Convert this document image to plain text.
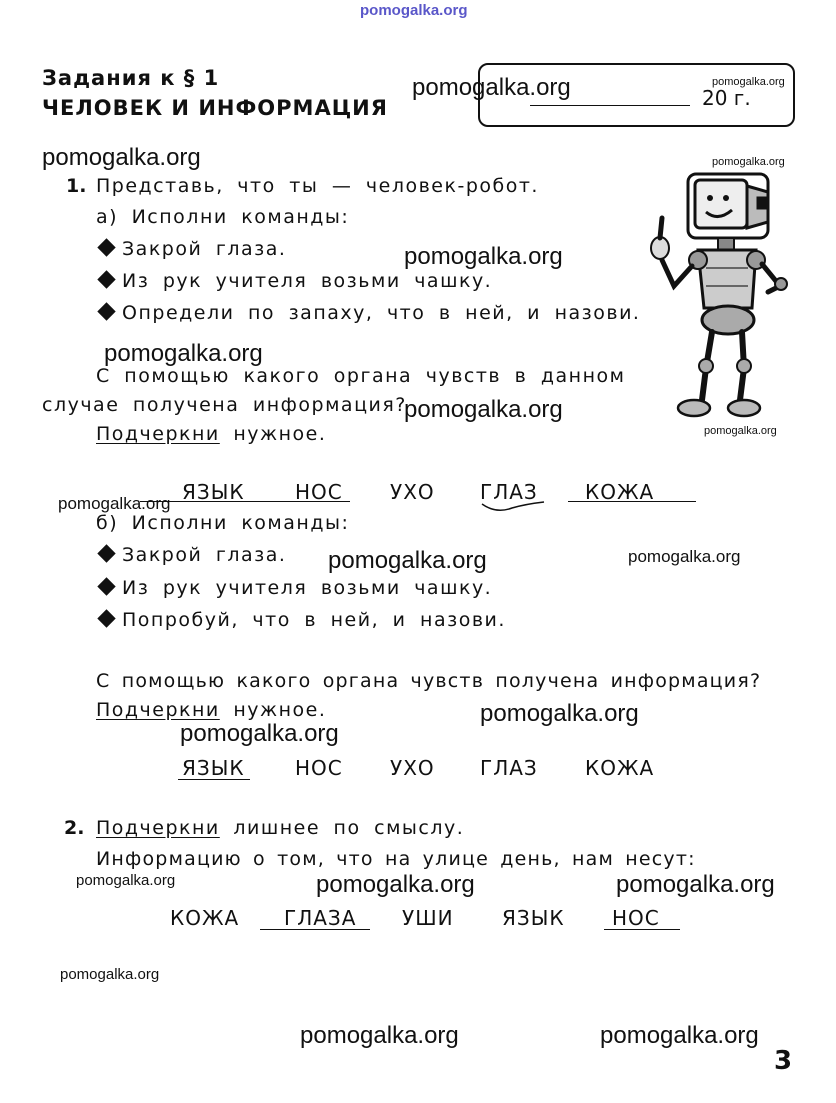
pomogalka.org
Задания к § 1
ЧЕЛОВЕК И ИНФОРМАЦИЯ	20 г.
pomogalka.org	pomogalka.org
pomogalka.org	pomogalka.org
1. Представь, что ты — человек-робот.
а) Исполни команды:
Закрой глаза.
Из рук учителя возьми чашку.
Определи по запаху, что в ней, и назови.
pomogalka.org
pomogalka.org
С помощью какого органа чувств в данном
случае получена информация?
pomogalka.org
pomogalka.org
Подчеркни нужное.
ЯЗЫК	НОС УХО ГЛАЗ КОЖА
pomogalka.org
б) Исполни команды:
Закрой глаза.
Из рук учителя возьми чашку.
Попробуй, что в ней, и назови.
pomogalka.org	pomogalka.org
С помощью какого органа чувств получена информация?
Подчеркни нужное.	pomogalka.org
pomogalka.org
ЯЗЫК	НОС УХО ГЛАЗ КОЖА
2. Подчеркни лишнее по смыслу.
Информацию о том, что на улице день, нам несут:
pomogalka.org	pomogalka.org	pomogalka.org
КОЖА ГЛАЗА УШИ ЯЗЫК НОС
pomogalka.org
pomogalka.org	pomogalka.org
3
